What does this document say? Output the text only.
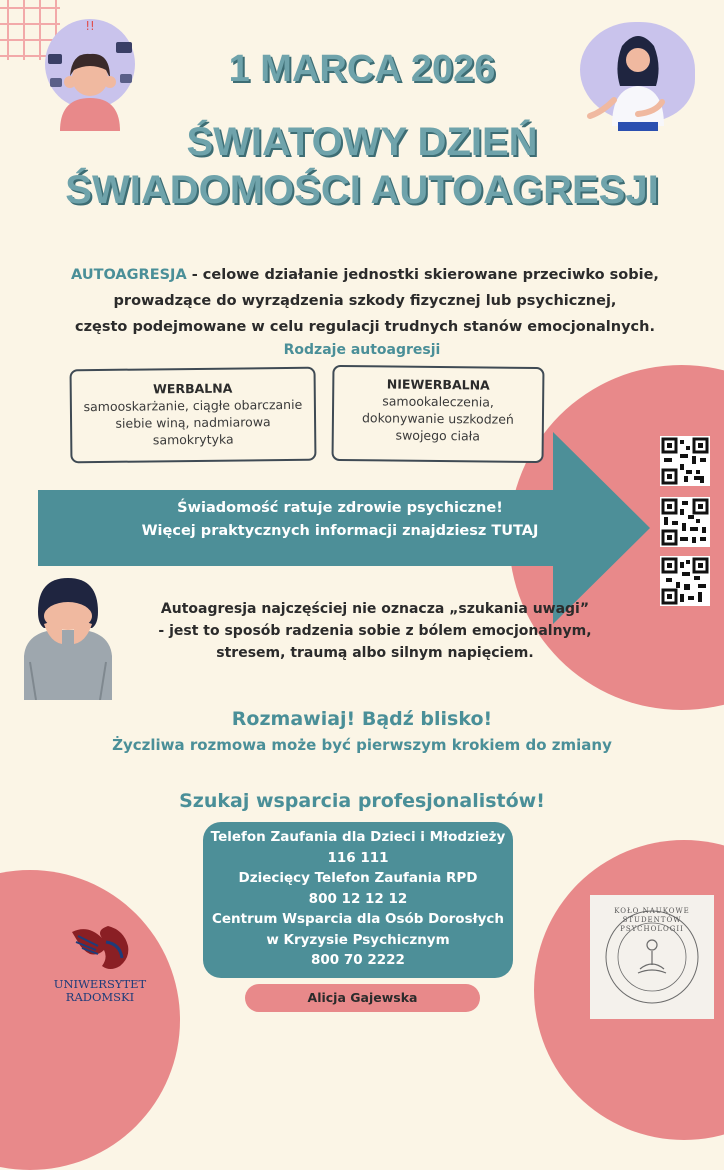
!!
1 MARCA 2026
ŚWIATOWY DZIEŃ
ŚWIADOMOŚCI AUTOAGRESJI
AUTOAGRESJA - celowe działanie jednostki skierowane przeciwko sobie,
prowadzące do wyrządzenia szkody fizycznej lub psychicznej,
często podejmowane w celu regulacji trudnych stanów emocjonalnych.
Rodzaje autoagresji
WERBALNA
samooskarżanie, ciągłe obarczanie
siebie winą, nadmiarowa
samokrytyka
NIEWERBALNA
samookaleczenia,
dokonywanie uszkodzeń
swojego ciała
Świadomość ratuje zdrowie psychiczne!
Więcej praktycznych informacji znajdziesz TUTAJ
Autoagresja najczęściej nie oznacza „szukania uwagi”
- jest to sposób radzenia sobie z bólem emocjonalnym,
stresem, traumą albo silnym napięciem.
Rozmawiaj! Bądź blisko!
Życzliwa rozmowa może być pierwszym krokiem do zmiany
Szukaj wsparcia profesjonalistów!
Telefon Zaufania dla Dzieci i Młodzieży
116 111
Dziecięcy Telefon Zaufania RPD
800 12 12 12
Centrum Wsparcia dla Osób Dorosłych
w Kryzysie Psychicznym
800 70 2222
Alicja Gajewska
UNIWERSYTET
RADOMSKI
KOŁO NAUKOWE STUDENTÓW PSYCHOLOGII
